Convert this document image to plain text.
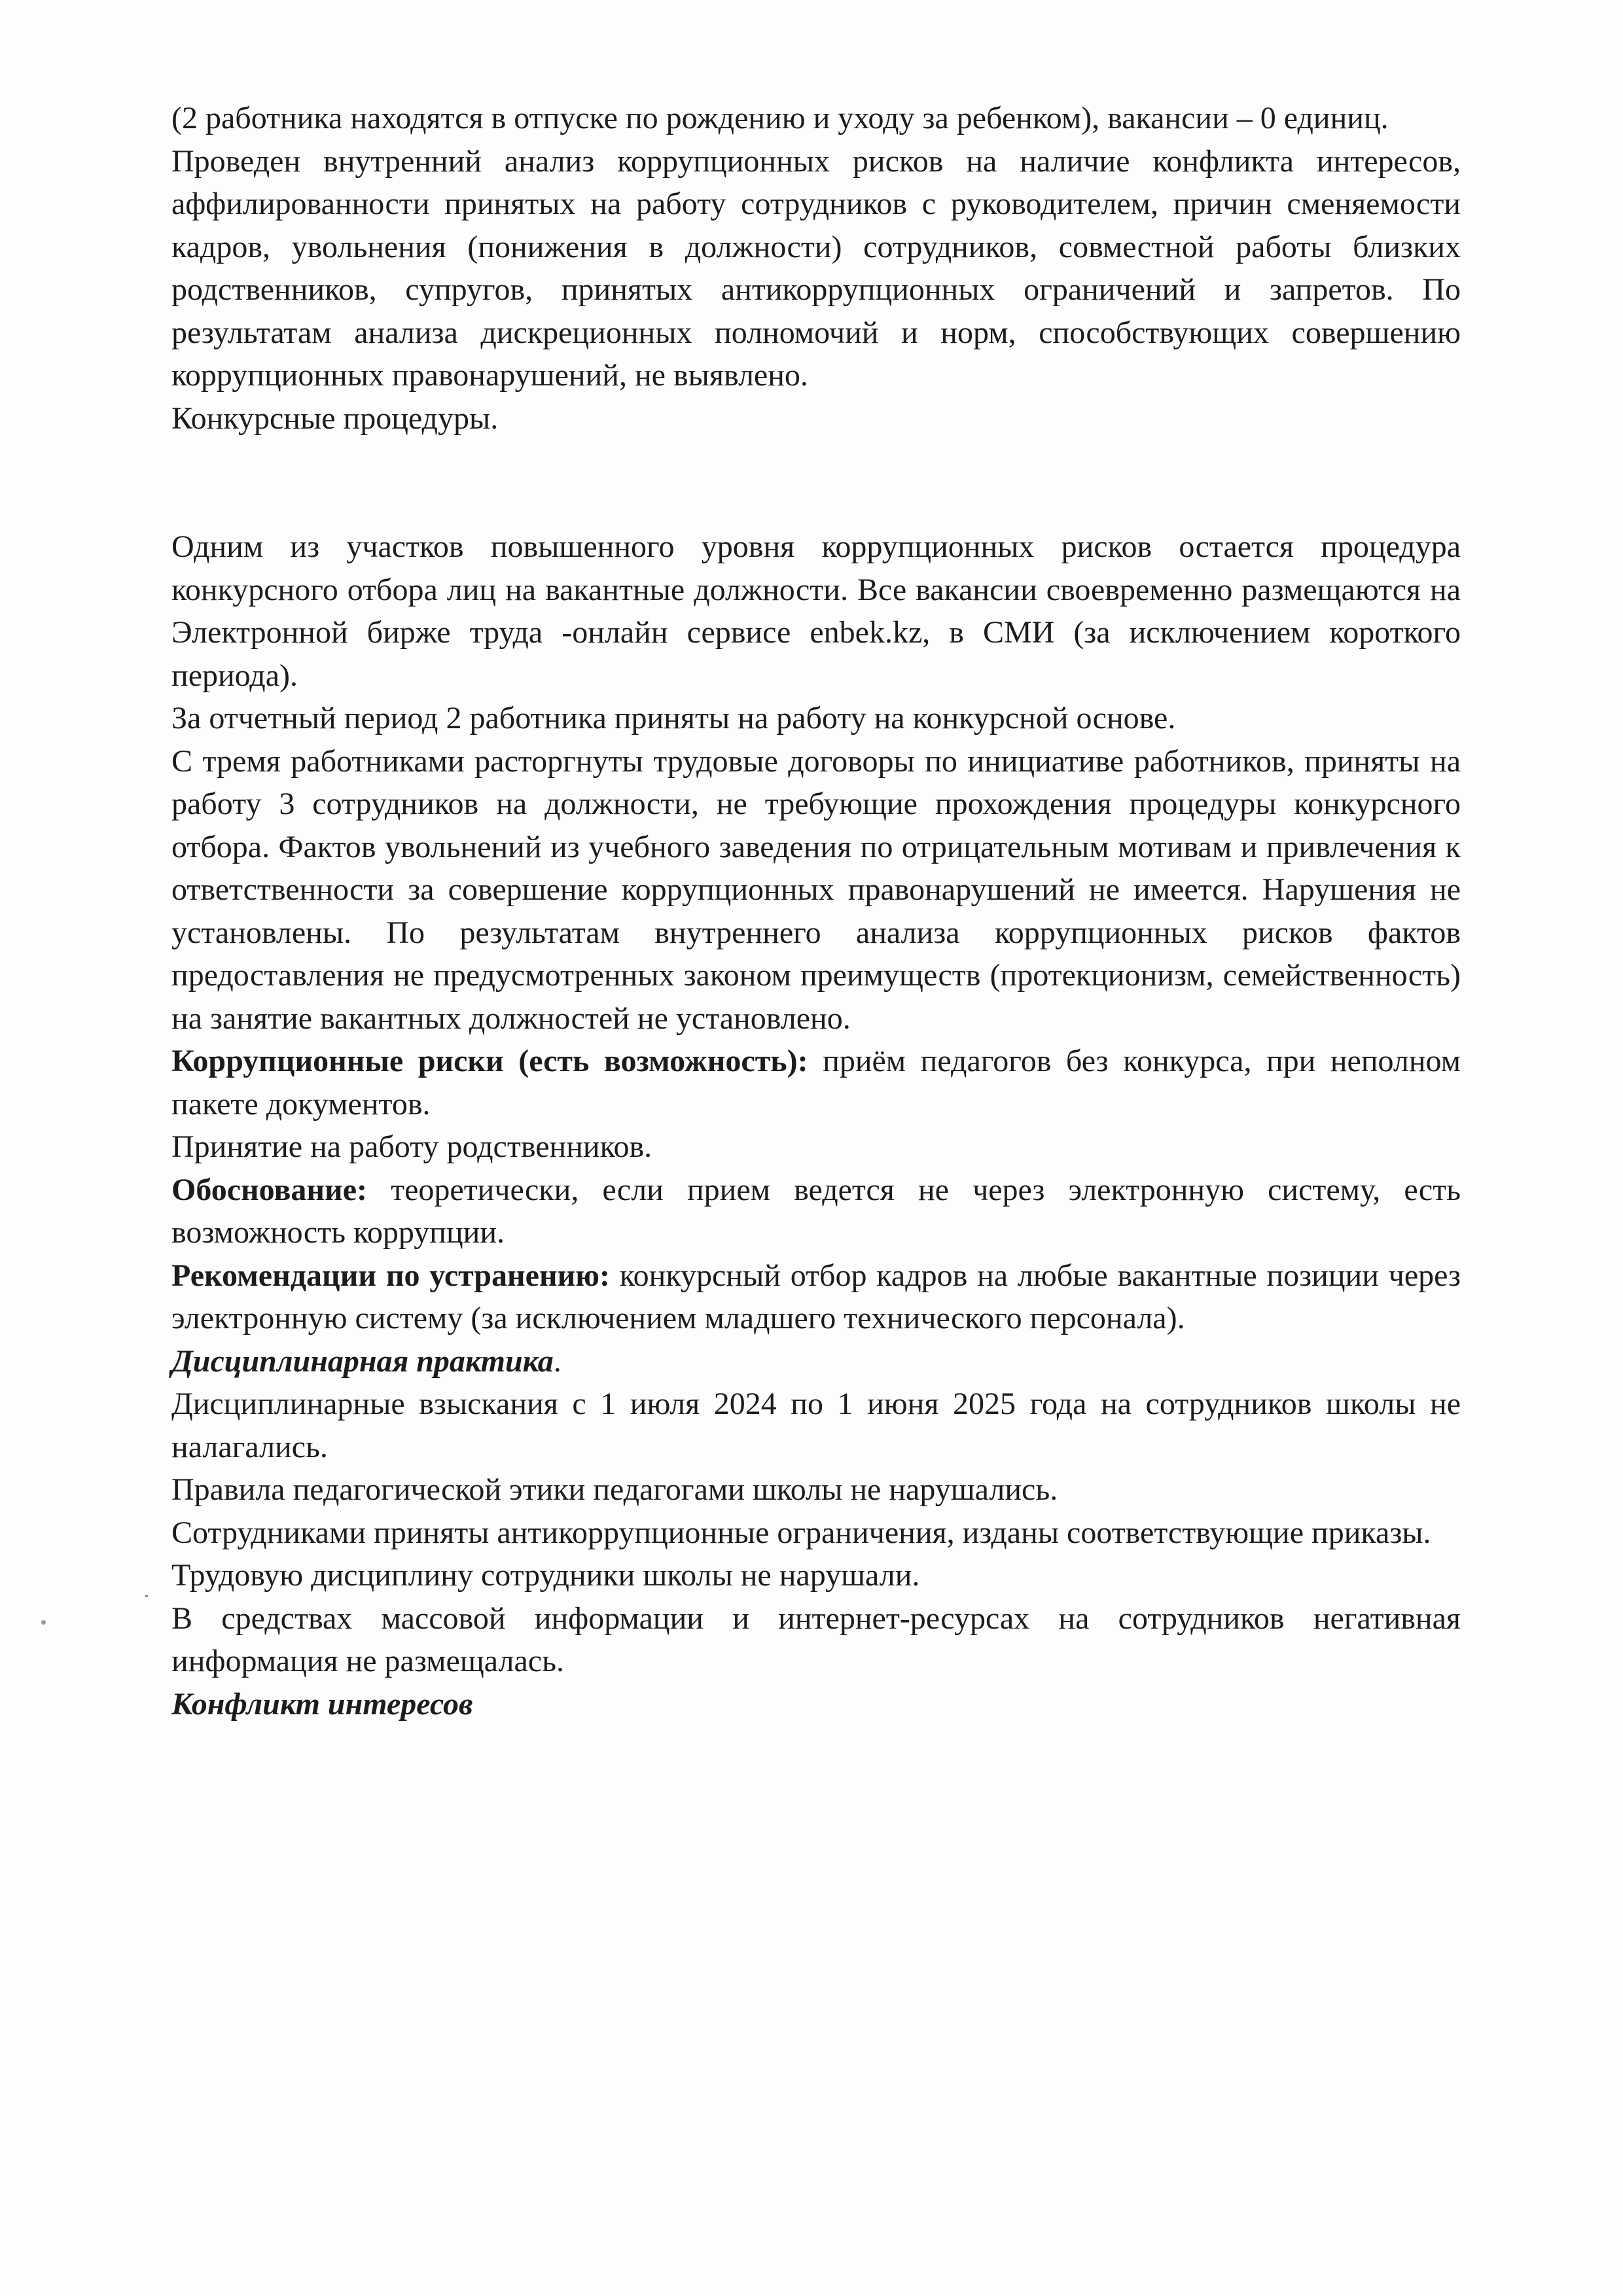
(2 работника находятся в отпуске по рождению и уходу за ребенком), вакансии – 0 единиц.

Проведен внутренний анализ коррупционных рисков на наличие конфликта интересов, аффилированности принятых на работу сотрудников с руководителем, причин сменяемости кадров, увольнения (понижения в должности) сотрудников, совместной работы близких родственников, супругов, принятых антикоррупционных ограничений и запретов. По результатам анализа дискреционных полномочий и норм, способствующих совершению коррупционных правонарушений, не выявлено.

Конкурсные процедуры.

Одним из участков повышенного уровня коррупционных рисков остается процедура конкурсного отбора лиц на вакантные должности. Все вакансии своевременно размещаются на Электронной бирже труда -онлайн сервисе enbek.kz, в СМИ (за исключением короткого периода).

За отчетный период 2 работника приняты на работу на конкурсной основе.

С тремя работниками расторгнуты трудовые договоры по инициативе работников, приняты на работу 3 сотрудников на должности, не требующие прохождения процедуры конкурсного отбора. Фактов увольнений из учебного заведения по отрицательным мотивам и привлечения к ответственности за совершение коррупционных правонарушений не имеется. Нарушения не установлены. По результатам внутреннего анализа коррупционных рисков фактов предоставления не предусмотренных законом преимуществ (протекционизм, семейственность) на занятие вакантных должностей не установлено.

Коррупционные риски (есть возможность): приём педагогов без конкурса, при неполном пакете документов.

Принятие на работу родственников.

Обоснование: теоретически, если прием ведется не через электронную систему, есть возможность коррупции.

Рекомендации по устранению: конкурсный отбор кадров на любые вакантные позиции через электронную систему (за исключением младшего технического персонала).

Дисциплинарная практика.

Дисциплинарные взыскания с 1 июля 2024 по 1 июня 2025 года на сотрудников школы не налагались.

Правила педагогической этики педагогами школы не нарушались.

Сотрудниками приняты антикоррупционные ограничения, изданы соответствующие приказы.

Трудовую дисциплину сотрудники школы не нарушали.

В средствах массовой информации и интернет-ресурсах на сотрудников негативная информация не размещалась.

Конфликт интересов
